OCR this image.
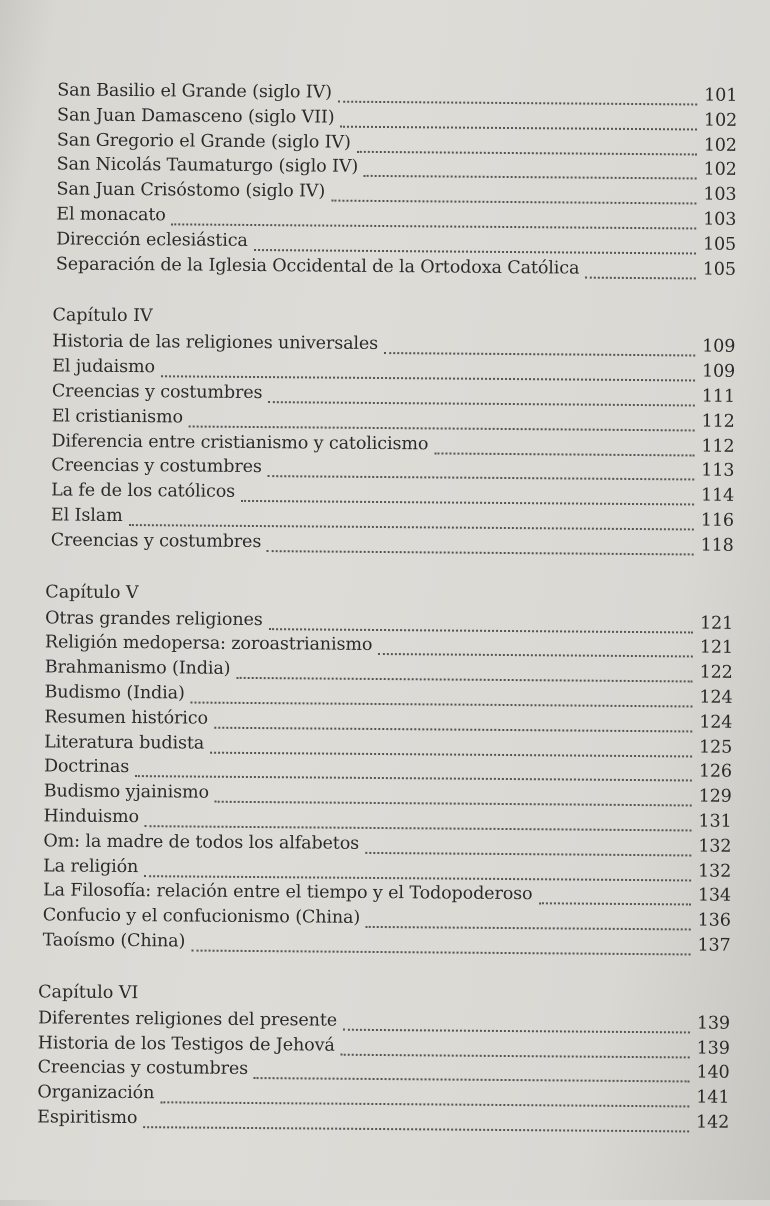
San Basilio el Grande (siglo IV)	101
San Juan Damasceno (siglo VII)	102
San Gregorio el Grande (siglo IV)	102
San Nicolás Taumaturgo (siglo IV)	102
San Juan Crisóstomo (siglo IV)	103
El monacato	103
Dirección eclesiástica	105
Separación de la Iglesia Occidental de la Ortodoxa Católica	105
Capítulo IV
Historia de las religiones universales	109
El judaismo	109
Creencias y costumbres	111
El cristianismo	112
Diferencia entre cristianismo y catolicismo	112
Creencias y costumbres	113
La fe de los católicos	114
El Islam	116
Creencias y costumbres	118
Capítulo V
Otras grandes religiones	121
Religión medopersa: zoroastrianismo	121
Brahmanismo (India)	122
Budismo (India)	124
Resumen histórico	124
Literatura budista	125
Doctrinas	126
Budismo yjainismo	129
Hinduismo	131
Om: la madre de todos los alfabetos	132
La religión	132
La Filosofía: relación entre el tiempo y el Todopoderoso	134
Confucio y el confucionismo (China)	136
Taoísmo (China)	137
Capítulo VI
Diferentes religiones del presente	139
Historia de los Testigos de Jehová	139
Creencias y costumbres	140
Organización	141
Espiritismo	142
